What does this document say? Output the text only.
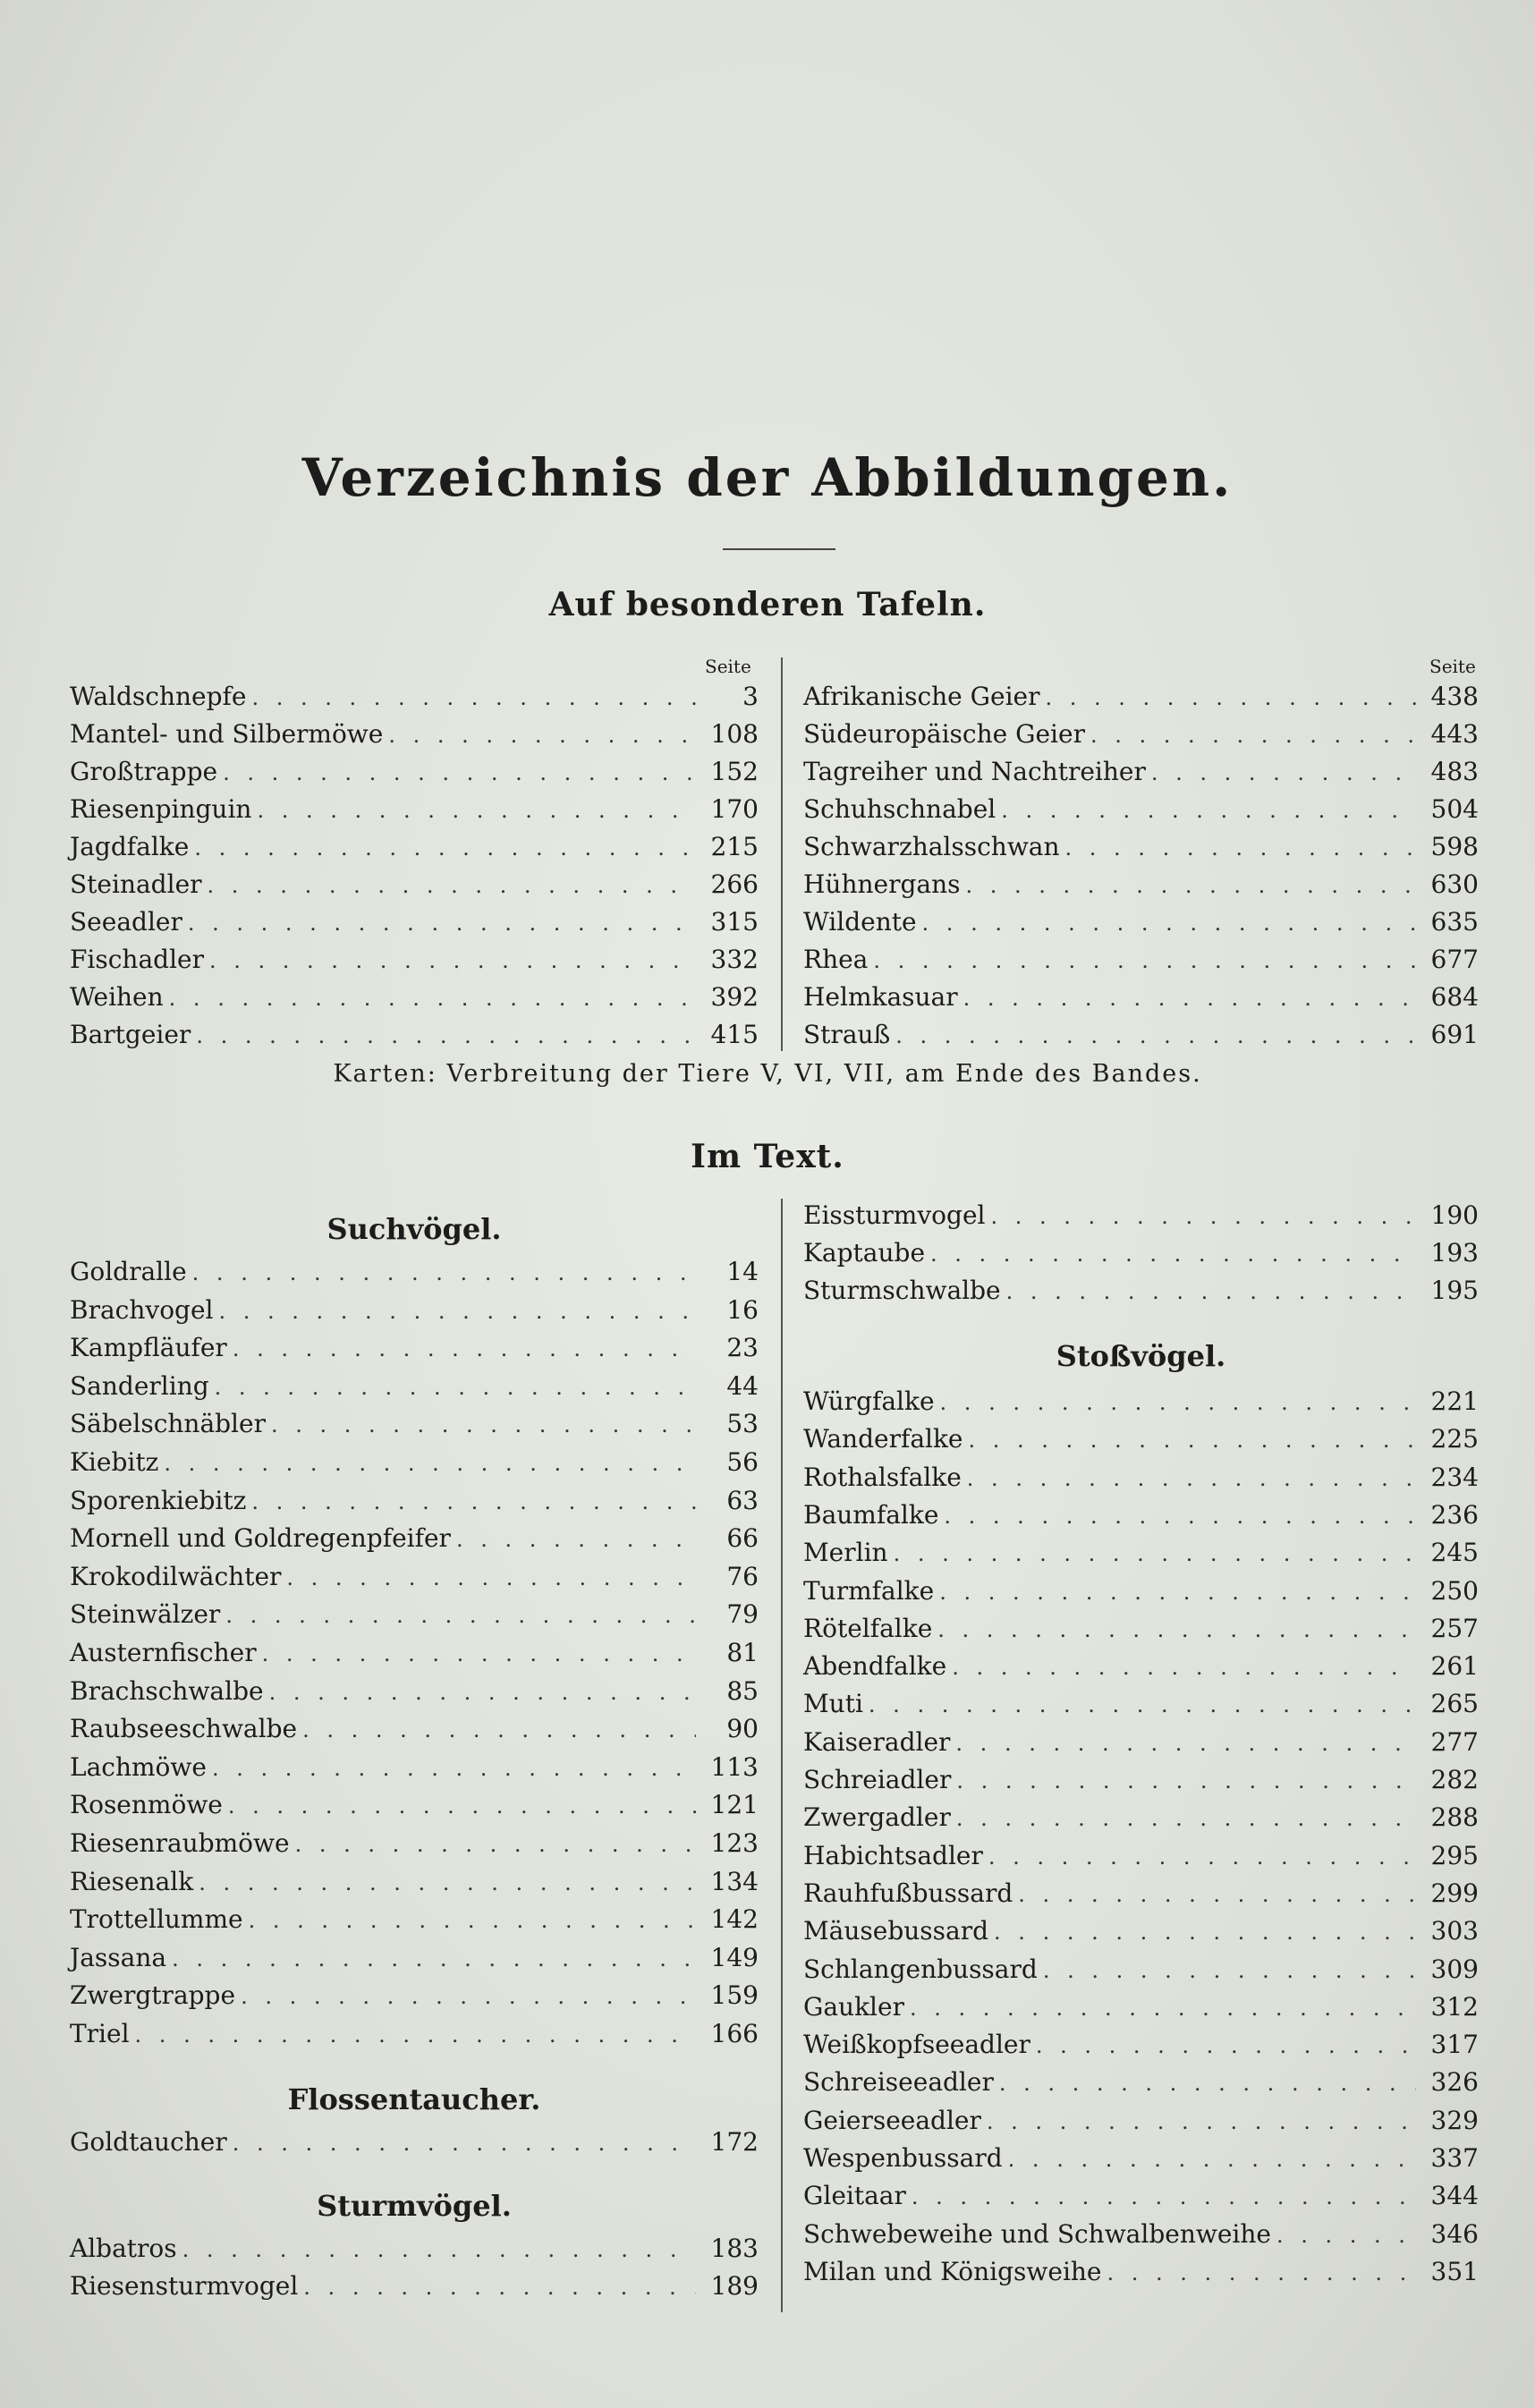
Verzeichnis der Abbildungen.
Auf besonderen Tafeln.
Seite	Seite
Waldschnepfe . . .	3
Mantel- und Silbermöwe . . .	108
Großtrappe . . .	152
Riesenpinguin . . .	170
Jagdfalke . . .	215
Steinadler . . .	266
Seeadler . . .	315
Fischadler . . .	332
Weihen . . .	392
Bartgeier . . .	415
Afrikanische Geier . . .	438
Südeuropäische Geier . . .	443
Tagreiher und Nachtreiher . . .	483
Schuhschnabel . . .	504
Schwarzhalsschwan . . .	598
Hühnergans . . .	630
Wildente . . .	635
Rhea . . .	677
Helmkasuar . . .	684
Strauß . . .	691
Karten: Verbreitung der Tiere V, VI, VII, am Ende des Bandes.
Im Text.
Suchvögel.
Goldralle . . .	14
Brachvogel . . .	16
Kampfläufer . . .	23
Sanderling . . .	44
Säbelschnäbler . . .	53
Kiebitz . . .	56
Sporenkiebitz . . .	63
Mornell und Goldregenpfeifer . . .	66
Krokodilwächter . . .	76
Steinwälzer . . .	79
Austernfischer . . .	81
Brachschwalbe . . .	85
Raubseeschwalbe . . .	90
Lachmöwe . . .	113
Rosenmöwe . . .	121
Riesenraubmöwe . . .	123
Riesenalk . . .	134
Trottellumme . . .	142
Jassana . . .	149
Zwergtrappe . . .	159
Triel . . .	166
Flossentaucher.
Goldtaucher . . .	172
Sturmvögel.
Albatros . . .	183
Riesensturmvogel . . .	189
Eissturmvogel . . .	190
Kaptaube . . .	193
Sturmschwalbe . . .	195
Stoßvögel.
Würgfalke . . .	221
Wanderfalke . . .	225
Rothalsfalke . . .	234
Baumfalke . . .	236
Merlin . . .	245
Turmfalke . . .	250
Rötelfalke . . .	257
Abendfalke . . .	261
Muti . . .	265
Kaiseradler . . .	277
Schreiadler . . .	282
Zwergadler . . .	288
Habichtsadler . . .	295
Rauhfußbussard . . .	299
Mäusebussard . . .	303
Schlangenbussard . . .	309
Gaukler . . .	312
Weißkopfseeadler . . .	317
Schreiseeadler . . .	326
Geierseeadler . . .	329
Wespenbussard . . .	337
Gleitaar . . .	344
Schwebeweihe und Schwalbenweihe . . .	346
Milan und Königsweihe . . .	351
